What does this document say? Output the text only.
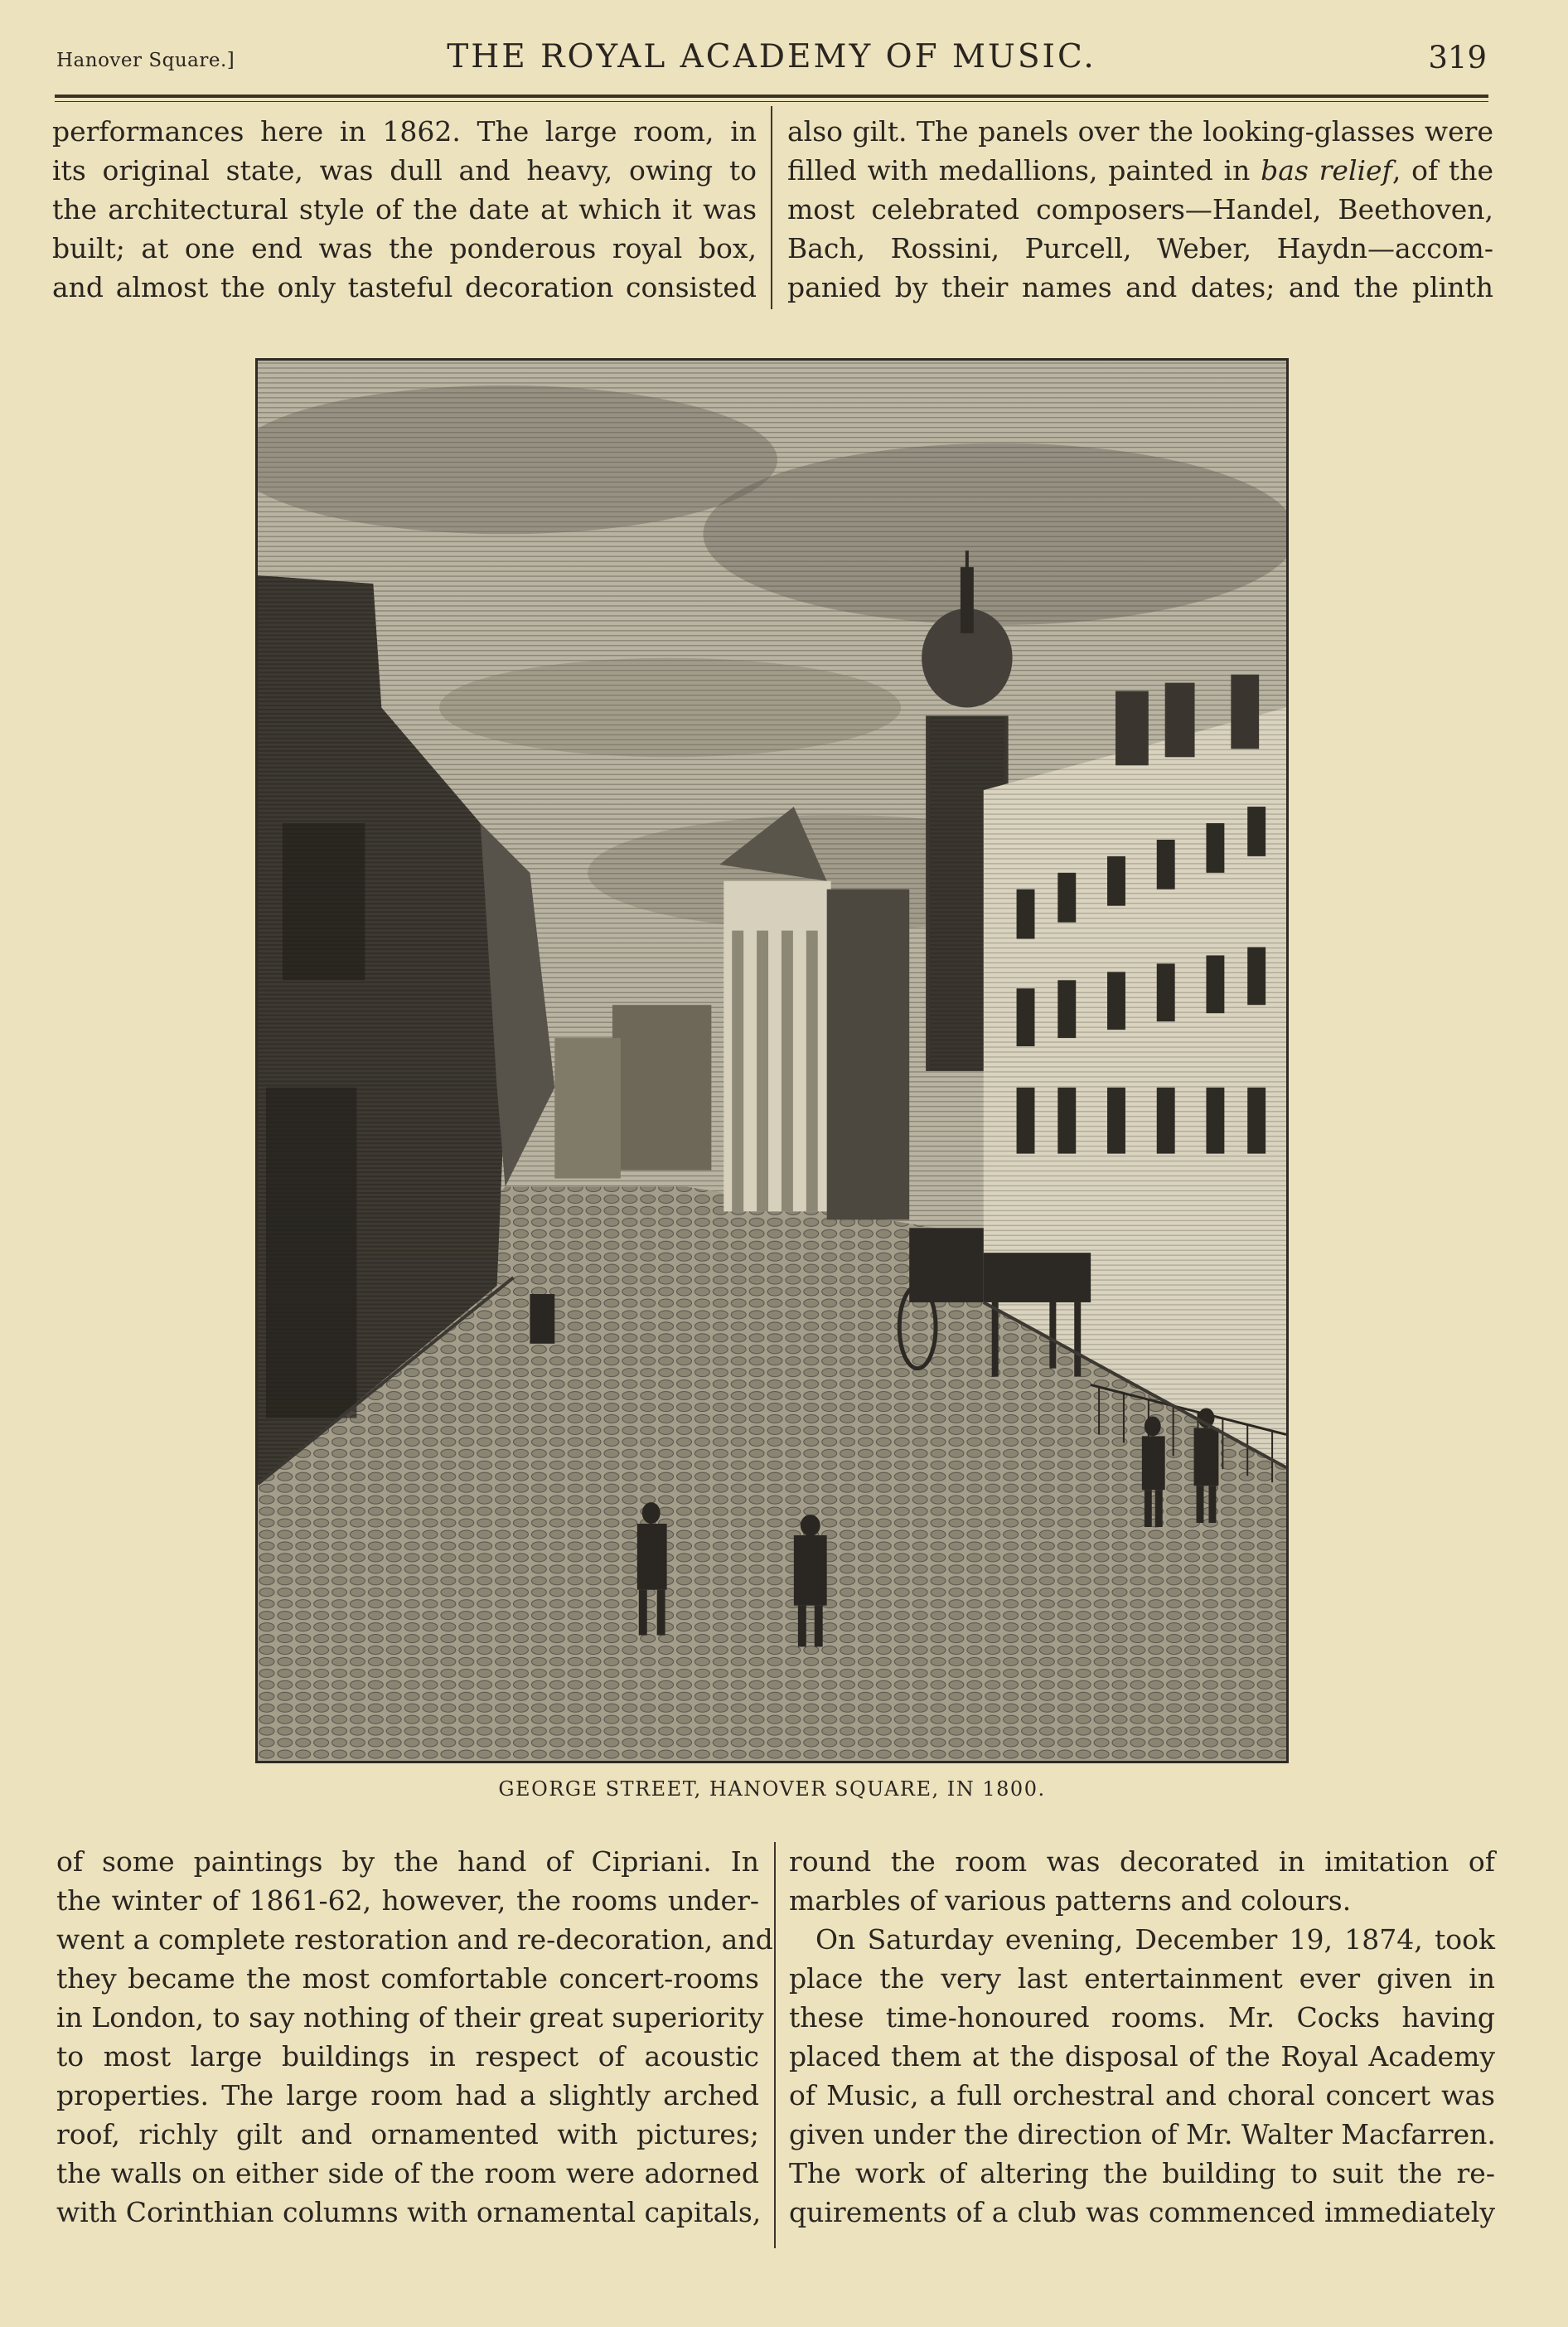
Hanover Square.]	THE ROYAL ACADEMY OF MUSIC.	319
performances here in 1862. The large room, in
its original state, was dull and heavy, owing to
the architectural style of the date at which it was
built; at one end was the ponderous royal box,
and almost the only tasteful decoration consisted
also gilt. The panels over the looking-glasses were
filled with medallions, painted in bas relief, of the
most celebrated composers—Handel, Beethoven,
Bach, Rossini, Purcell, Weber, Haydn—accom-
panied by their names and dates; and the plinth
GEORGE STREET, HANOVER SQUARE, IN 1800.
of some paintings by the hand of Cipriani. In
the winter of 1861-62, however, the rooms under-
went a complete restoration and re-decoration, and
they became the most comfortable concert-rooms
in London, to say nothing of their great superiority
to most large buildings in respect of acoustic
properties. The large room had a slightly arched
roof, richly gilt and ornamented with pictures;
the walls on either side of the room were adorned
with Corinthian columns with ornamental capitals,
round the room was decorated in imitation of
marbles of various patterns and colours.
On Saturday evening, December 19, 1874, took
place the very last entertainment ever given in
these time-honoured rooms. Mr. Cocks having
placed them at the disposal of the Royal Academy
of Music, a full orchestral and choral concert was
given under the direction of Mr. Walter Macfarren.
The work of altering the building to suit the re-
quirements of a club was commenced immediately
